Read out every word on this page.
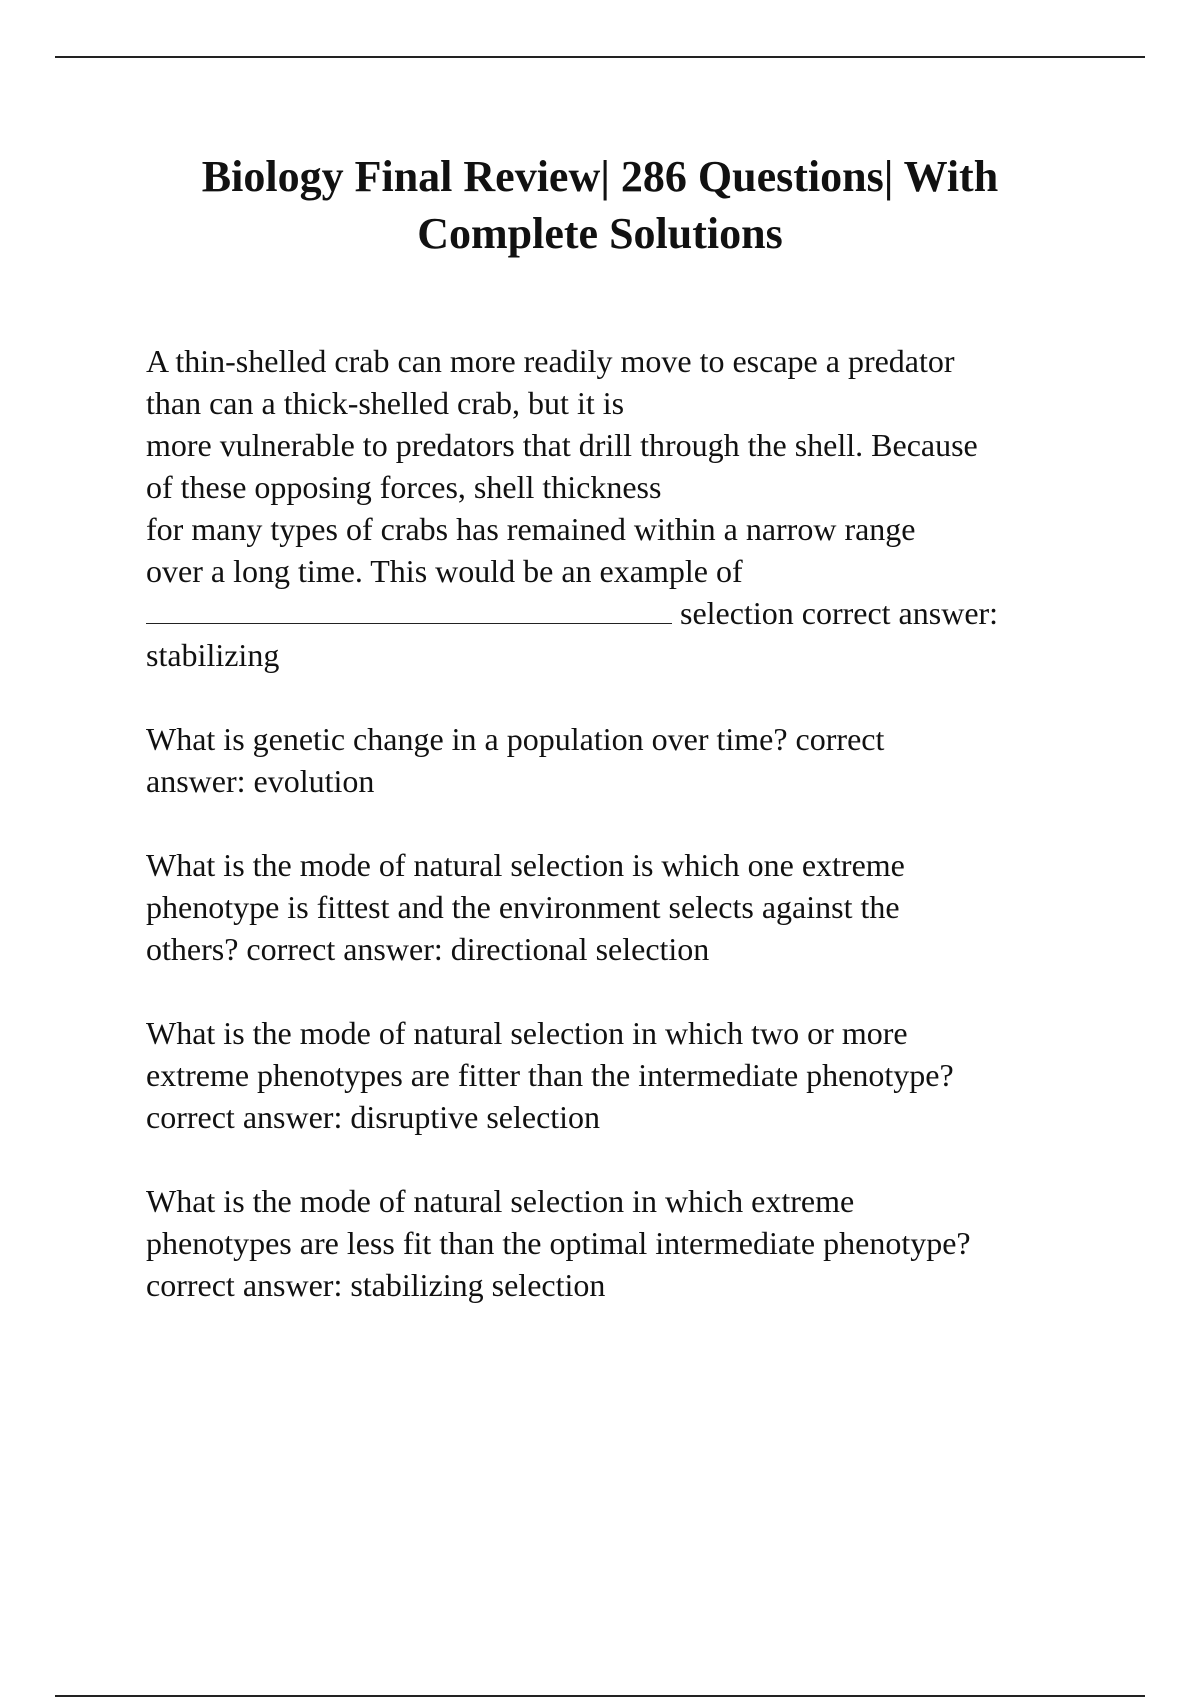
Biology Final Review| 286 Questions| With
Complete Solutions
A thin-shelled crab can more readily move to escape a predator
than can a thick-shelled crab, but it is
more vulnerable to predators that drill through the shell. Because
of these opposing forces, shell thickness
for many types of crabs has remained within a narrow range
over a long time. This would be an example of
selection correct answer:
stabilizing
What is genetic change in a population over time? correct
answer: evolution
What is the mode of natural selection is which one extreme
phenotype is fittest and the environment selects against the
others? correct answer: directional selection
What is the mode of natural selection in which two or more
extreme phenotypes are fitter than the intermediate phenotype?
correct answer: disruptive selection
What is the mode of natural selection in which extreme
phenotypes are less fit than the optimal intermediate phenotype?
correct answer: stabilizing selection
